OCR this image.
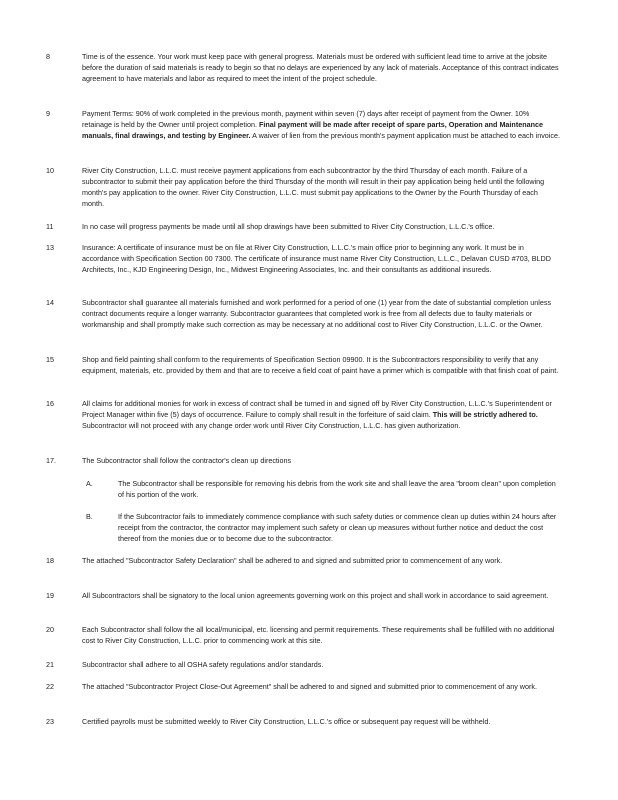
8	Time is of the essence. Your work must keep pace with general progress. Materials must be ordered with sufficient lead time to arrive at the jobsite before the duration of said materials is ready to begin so that no delays are experienced by any lack of materials. Acceptance of this contract indicates agreement to have materials and labor as required to meet the intent of the project schedule.
9	Payment Terms: 90% of work completed in the previous month, payment within seven (7) days after receipt of payment from the Owner. 10% retainage is held by the Owner until project completion. Final payment will be made after receipt of spare parts, Operation and Maintenance manuals, final drawings, and testing by Engineer. A waiver of lien from the previous month's payment application must be attached to each invoice.
10	River City Construction, L.L.C. must receive payment applications from each subcontractor by the third Thursday of each month. Failure of a subcontractor to submit their pay application before the third Thursday of the month will result in their pay application being held until the following month's pay application to the owner. River City Construction, L.L.C. must submit pay applications to the Owner by the Fourth Thursday of each month.
11	In no case will progress payments be made until all shop drawings have been submitted to River City Construction, L.L.C.'s office.
13	Insurance: A certificate of insurance must be on file at River City Construction, L.L.C.'s main office prior to beginning any work. It must be in accordance with Specification Section 00 7300. The certificate of insurance must name River City Construction, L.L.C., Delavan CUSD #703, BLDD Architects, Inc., KJD Engineering Design, Inc., Midwest Engineering Associates, Inc. and their consultants as additional insureds.
14	Subcontractor shall guarantee all materials furnished and work performed for a period of one (1) year from the date of substantial completion unless contract documents require a longer warranty. Subcontractor guarantees that completed work is free from all defects due to faulty materials or workmanship and shall promptly make such correction as may be necessary at no additional cost to River City Construction, L.L.C. or the Owner.
15	Shop and field painting shall conform to the requirements of Specification Section 09900. It is the Subcontractors responsibility to verify that any equipment, materials, etc. provided by them and that are to receive a field coat of paint have a primer which is compatible with that finish coat of paint.
16	All claims for additional monies for work in excess of contract shall be turned in and signed off by River City Construction, L.L.C.'s Superintendent or Project Manager within five (5) days of occurrence. Failure to comply shall result in the forfeiture of said claim. This will be strictly adhered to. Subcontractor will not proceed with any change order work until River City Construction, L.L.C. has given authorization.
17.	The Subcontractor shall follow the contractor's clean up directions
A.	The Subcontractor shall be responsible for removing his debris from the work site and shall leave the area "broom clean" upon completion of his portion of the work.
B.	If the Subcontractor fails to immediately commence compliance with such safety duties or commence clean up duties within 24 hours after receipt from the contractor, the contractor may implement such safety or clean up measures without further notice and deduct the cost thereof from the monies due or to become due to the subcontractor.
18	The attached "Subcontractor Safety Declaration" shall be adhered to and signed and submitted prior to commencement of any work.
19	All Subcontractors shall be signatory to the local union agreements governing work on this project and shall work in accordance to said agreement.
20	Each Subcontractor shall follow the all local/municipal, etc. licensing and permit requirements. These requirements shall be fulfilled with no additional cost to River City Construction, L.L.C. prior to commencing work at this site.
21	Subcontractor shall adhere to all OSHA safety regulations and/or standards.
22	The attached "Subcontractor Project Close-Out Agreement" shall be adhered to and signed and submitted prior to commencement of any work.
23	Certified payrolls must be submitted weekly to River City Construction, L.L.C.'s office or subsequent pay request will be withheld.
